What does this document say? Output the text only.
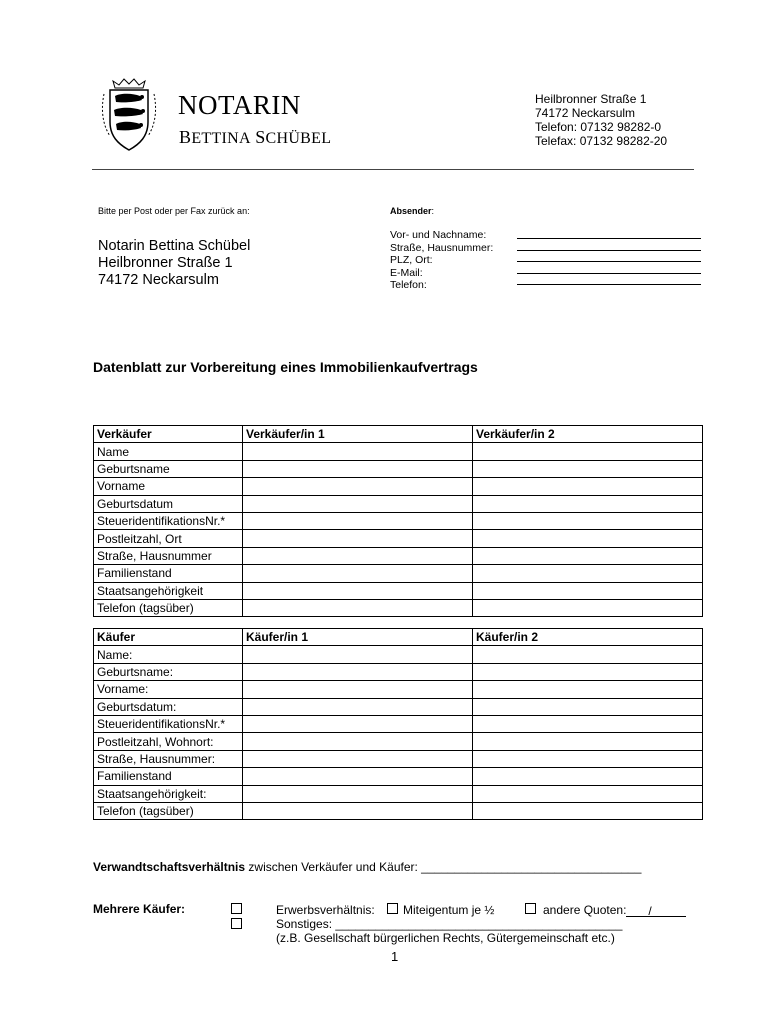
NOTARIN
BETTINA SCHÜBEL
Heilbronner Straße 1
74172 Neckarsulm
Telefon: 07132 98282-0
Telefax: 07132 98282-20
Bitte per Post oder per Fax zurück an:
Notarin Bettina Schübel
Heilbronner Straße 1
74172 Neckarsulm
Absender:
Vor- und Nachname:
Straße, Hausnummer:
PLZ, Ort:
E-Mail:
Telefon:
Datenblatt zur Vorbereitung eines Immobilienkaufvertrags
Verkäufer	Verkäufer/in 1	Verkäufer/in 2
Name		
Geburtsname		
Vorname		
Geburtsdatum		
SteueridentifikationsNr.*		
Postleitzahl, Ort		
Straße, Hausnummer		
Familienstand		
Staatsangehörigkeit		
Telefon (tagsüber)		
Käufer	Käufer/in 1	Käufer/in 2
Name:		
Geburtsname:		
Vorname:		
Geburtsdatum:		
SteueridentifikationsNr.*		
Postleitzahl, Wohnort:		
Straße, Hausnummer:		
Familienstand		
Staatsangehörigkeit:		
Telefon (tagsüber)		
Verwandtschaftsverhältnis zwischen Verkäufer und Käufer: _________________________________
Mehrere Käufer:	Erwerbsverhältnis: Miteigentum je ½	andere Quoten: /
Sonstiges: ___________________________________________
(z.B. Gesellschaft bürgerlichen Rechts, Gütergemeinschaft etc.)
1
